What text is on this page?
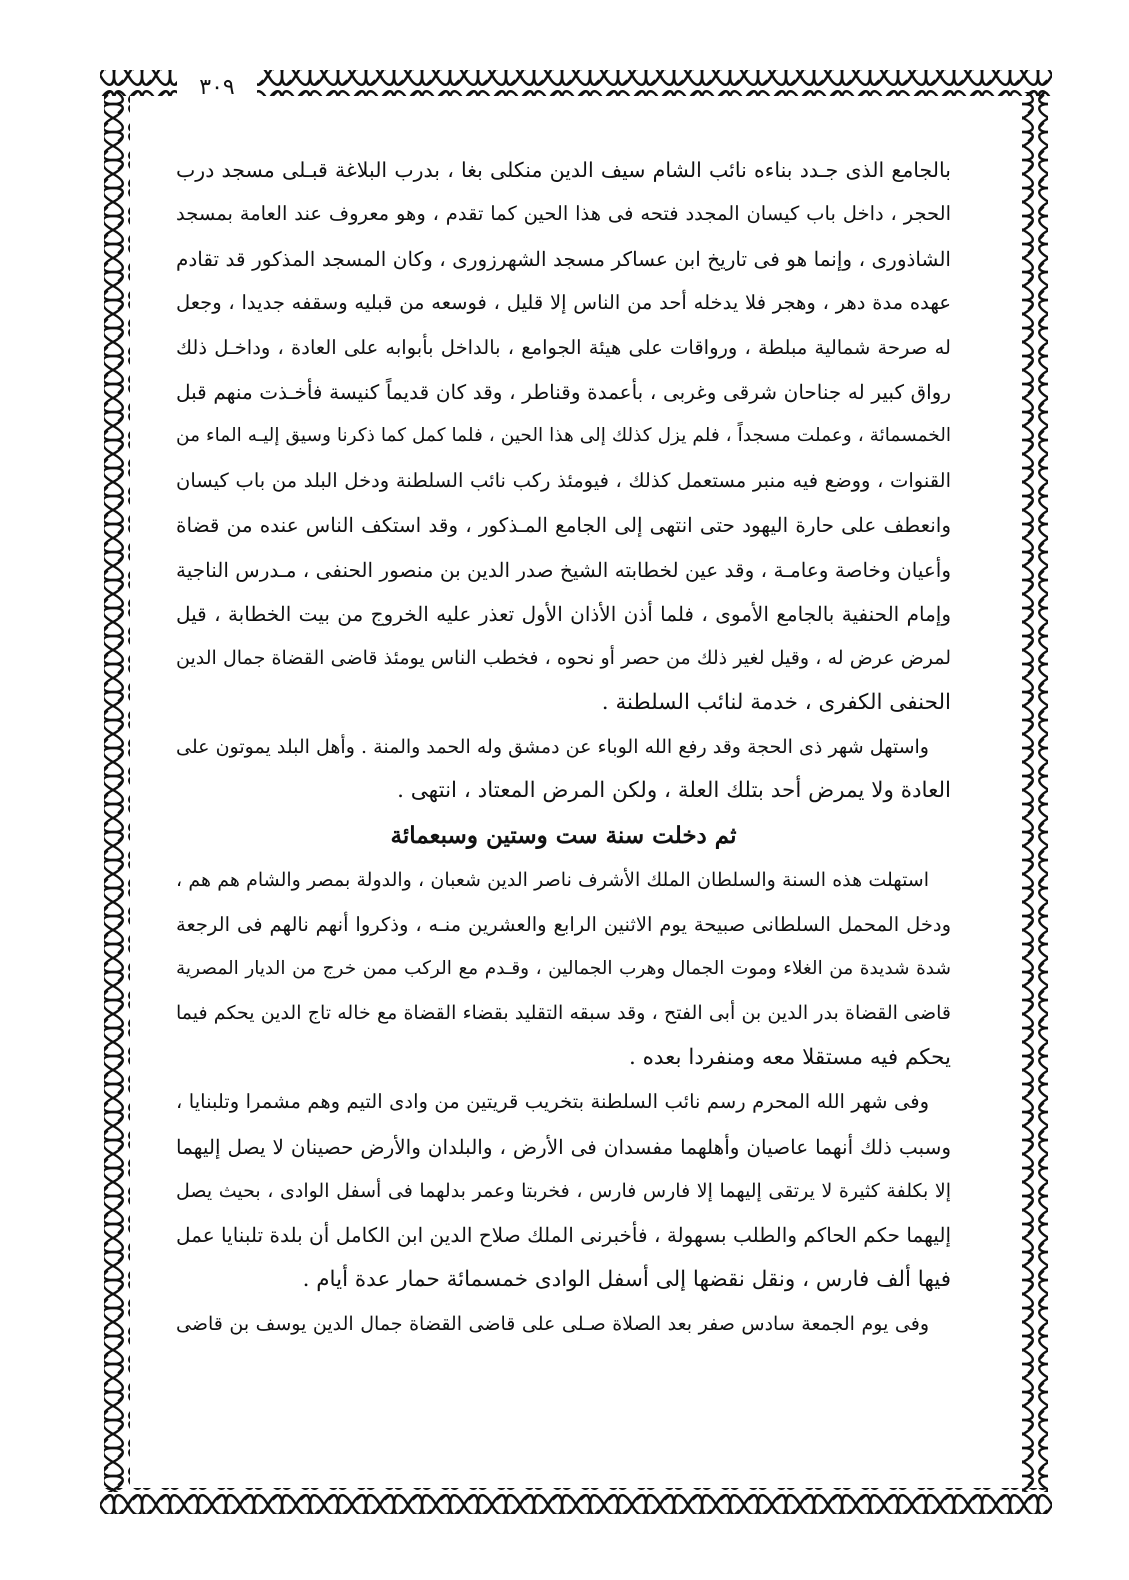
٣٠٩
بالجامع الذى جـدد بناءه نائب الشام سيف الدين منكلى بغا ، بدرب البلاغة قبـلى مسجد درب
الحجر ، داخل باب كيسان المجدد فتحه فى هذا الحين كما تقدم ، وهو معروف عند العامة بمسجد
الشاذورى ، وإنما هو فى تاريخ ابن عساكر مسجد الشهرزورى ، وكان المسجد المذكور قد تقادم
عهده مدة دهر ، وهجر فلا يدخله أحد من الناس إلا قليل ، فوسعه من قبليه وسقفه جديدا ، وجعل
له صرحة شمالية مبلطة ، ورواقات على هيئة الجوامع ، بالداخل بأبوابه على العادة ، وداخـل ذلك
رواق كبير له جناحان شرقى وغربى ، بأعمدة وقناطر ، وقد كان قديماً كنيسة فأخـذت منهم قبل
الخمسمائة ، وعملت مسجداً ، فلم يزل كذلك إلى هذا الحين ، فلما كمل كما ذكرنا وسيق إليـه الماء من
القنوات ، ووضع فيه منبر مستعمل كذلك ، فيومئذ ركب نائب السلطنة ودخل البلد من باب كيسان
وانعطف على حارة اليهود حتى انتهى إلى الجامع المـذكور ، وقد استكف الناس عنده من قضاة
وأعيان وخاصة وعامـة ، وقد عين لخطابته الشيخ صدر الدين بن منصور الحنفى ، مـدرس الناجية
وإمام الحنفية بالجامع الأموى ، فلما أذن الأذان الأول تعذر عليه الخروج من بيت الخطابة ، قيل
لمرض عرض له ، وقيل لغير ذلك من حصر أو نحوه ، فخطب الناس يومئذ قاضى القضاة جمال الدين
الحنفى الكفرى ، خدمة لنائب السلطنة .
واستهل شهر ذى الحجة وقد رفع الله الوباء عن دمشق وله الحمد والمنة . وأهل البلد يموتون على
العادة ولا يمرض أحد بتلك العلة ، ولكن المرض المعتاد ، انتهى .
ثم دخلت سنة ست وستين وسبعمائة
استهلت هذه السنة والسلطان الملك الأشرف ناصر الدين شعبان ، والدولة بمصر والشام هم هم ،
ودخل المحمل السلطانى صبيحة يوم الاثنين الرابع والعشرين منـه ، وذكروا أنهم نالهم فى الرجعة
شدة شديدة من الغلاء وموت الجمال وهرب الجمالين ، وقـدم مع الركب ممن خرج من الديار المصرية
قاضى القضاة بدر الدين بن أبى الفتح ، وقد سبقه التقليد بقضاء القضاة مع خاله تاج الدين يحكم فيما
يحكم فيه مستقلا معه ومنفردا بعده .
وفى شهر الله المحرم رسم نائب السلطنة بتخريب قريتين من وادى التيم وهم مشمرا وتلبنايا ،
وسبب ذلك أنهما عاصيان وأهلهما مفسدان فى الأرض ، والبلدان والأرض حصينان لا يصل إليهما
إلا بكلفة كثيرة لا يرتقى إليهما إلا فارس فارس ، فخربتا وعمر بدلهما فى أسفل الوادى ، بحيث يصل
إليهما حكم الحاكم والطلب بسهولة ، فأخبرنى الملك صلاح الدين ابن الكامل أن بلدة تلبنايا عمل
فيها ألف فارس ، ونقل نقضها إلى أسفل الوادى خمسمائة حمار عدة أيام .
وفى يوم الجمعة سادس صفر بعد الصلاة صـلى على قاضى القضاة جمال الدين يوسف بن قاضى
